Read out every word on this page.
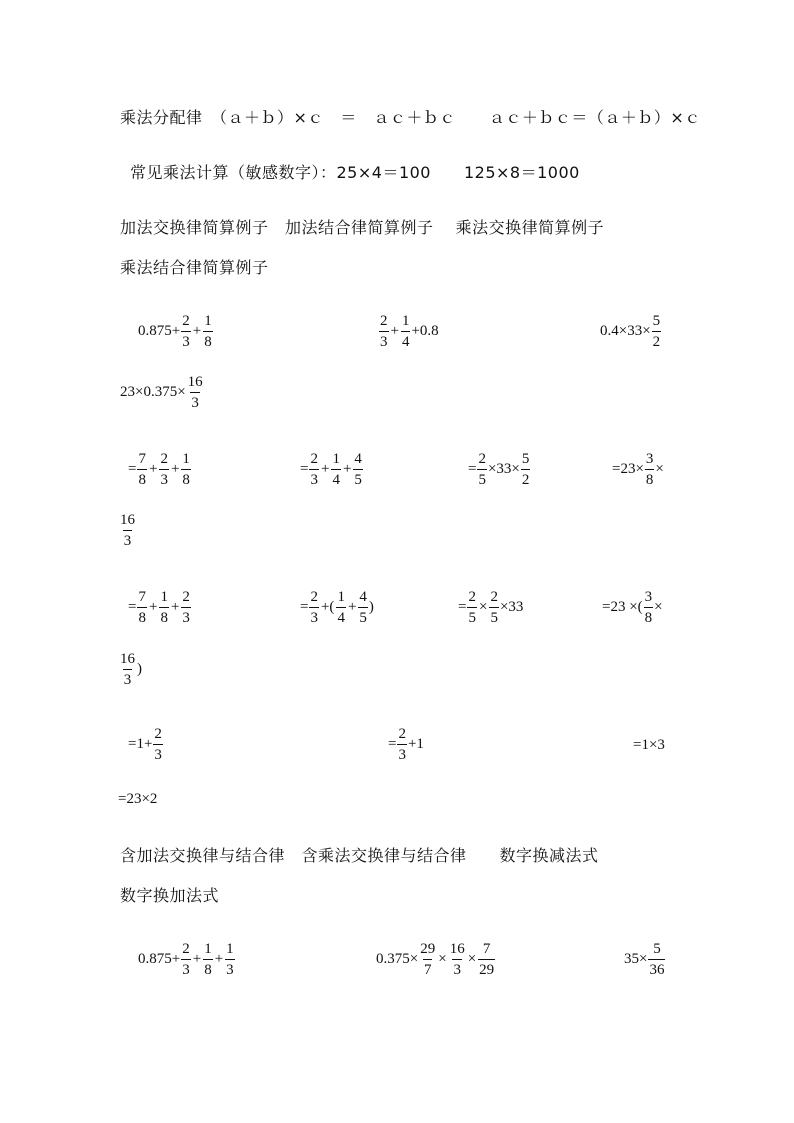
乘法分配律　（ａ＋ｂ）×ｃ　＝　ａｃ＋ｂｃ　　ａｃ＋ｂｃ＝（ａ＋ｂ）×ｃ
常见乘法计算（敏感数字）：25×4＝100　　125×8＝1000
加法交换律简算例子　加法结合律简算例子　 乘法交换律简算例子
乘法结合律简算例子
$0.875+ \frac{2}{3} + \frac{1}{8}$	$\frac{2}{3} + \frac{1}{4} +0.8$	$0.4\times 33\times \frac{5}{2}$
$23\times 0.375\times \frac{16}{3}$
= $\frac{7}{8} + \frac{2}{3} + \frac{1}{8}$	= $\frac{2}{3} + \frac{1}{4} + \frac{4}{5}$	= $\frac{2}{5} \times 33\times \frac{5}{2}$	$=23\times \frac{3}{8}$ ×
$\frac{16}{3}$
= $\frac{7}{8} + \frac{1}{8} + \frac{2}{3}$	= $\frac{2}{3}$ +( $\frac{1}{4} + \frac{4}{5}$ )	= $\frac{2}{5} \times \frac{2}{5} \times 33$	=23 ×( $\frac{3}{8}$ ×
$\frac{16}{3}$ )
$=1+ \frac{2}{3}$	= $\frac{2}{3} +1$	=1×3
=23×2
含加法交换律与结合律　含乘法交换律与结合律　　数字换减法式
数字换加法式
$0.875+ \frac{2}{3} + \frac{1}{8} + \frac{1}{3}$	$0.375\times \frac{29}{7} \times \frac{16}{3} \times \frac{7}{29}$	$35\times \frac{5}{36}$
